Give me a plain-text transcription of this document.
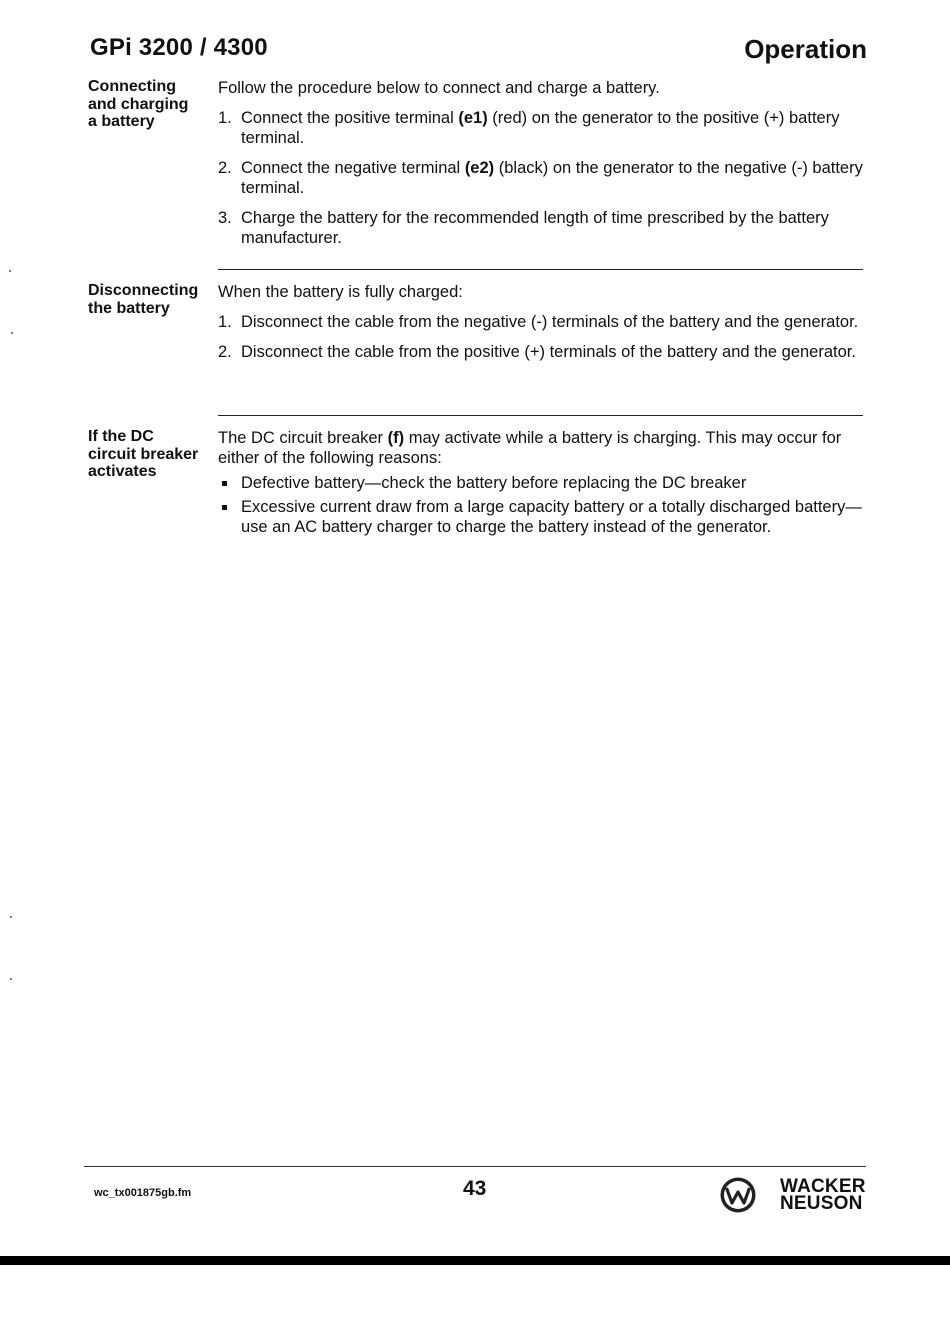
GPi 3200 / 4300	Operation
Connecting
and charging
a battery

Follow the procedure below to connect and charge a battery.

1. Connect the positive terminal (e1) (red) on the generator to the positive (+) battery terminal.
2. Connect the negative terminal (e2) (black) on the generator to the negative (-) battery terminal.
3. Charge the battery for the recommended length of time prescribed by the battery manufacturer.
Disconnecting
the battery

When the battery is fully charged:

1. Disconnect the cable from the negative (-) terminals of the battery and the generator.
2. Disconnect the cable from the positive (+) terminals of the battery and the generator.
If the DC
circuit breaker
activates

The DC circuit breaker (f) may activate while a battery is charging. This may occur for either of the following reasons:

Defective battery—check the battery before replacing the DC breaker
Excessive current draw from a large capacity battery or a totally discharged battery—use an AC battery charger to charge the battery instead of the generator.
wc_tx001875gb.fm	43	WACKER
NEUSON
